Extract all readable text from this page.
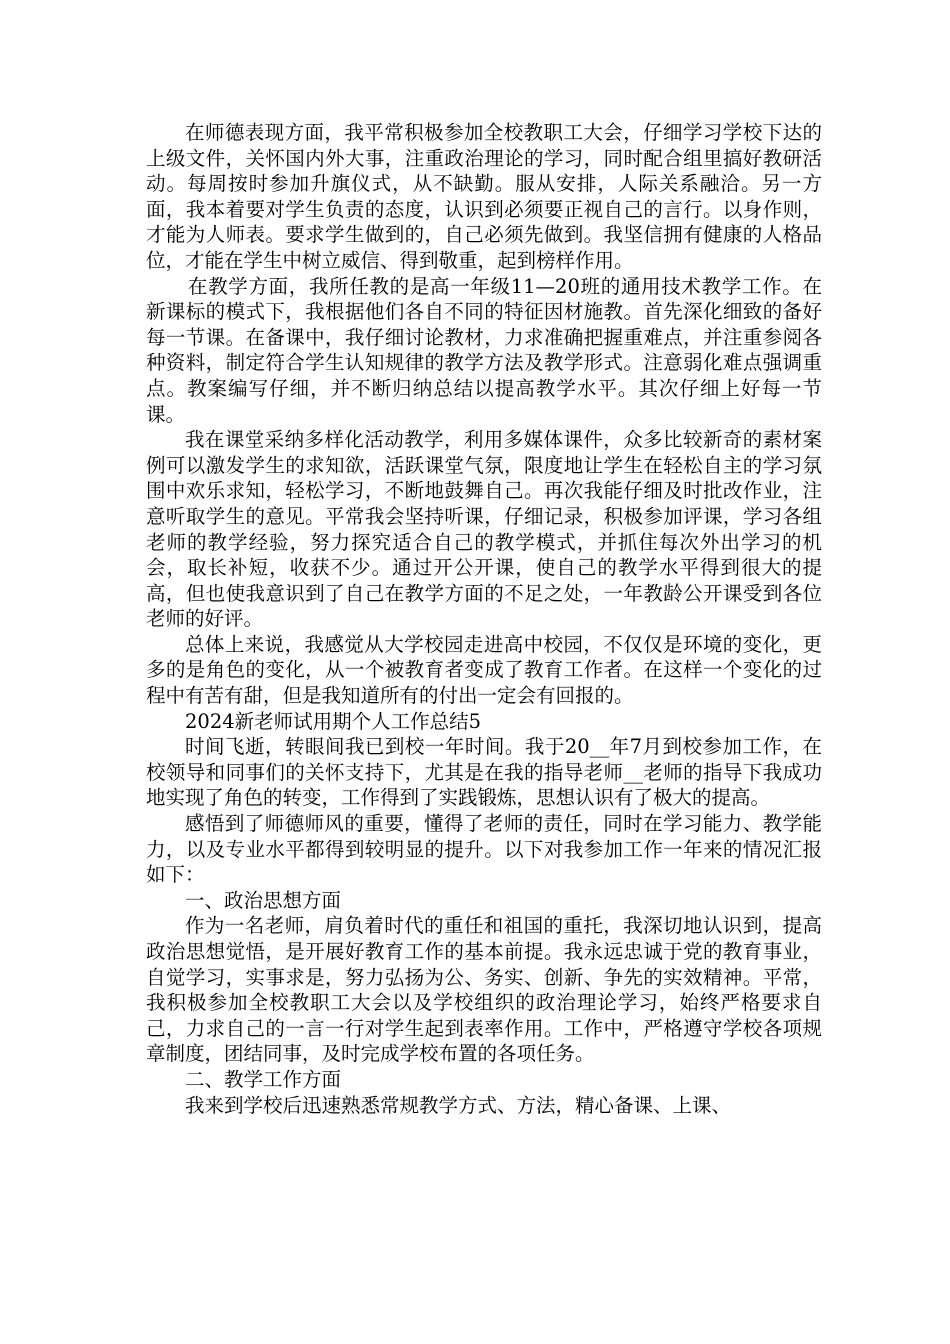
在师德表现方面，我平常积极参加全校教职工大会，仔细学习学校下达的上级文件，关怀国内外大事，注重政治理论的学习，同时配合组里搞好教研活动。每周按时参加升旗仪式，从不缺勤。服从安排，人际关系融洽。另一方面，我本着要对学生负责的态度，认识到必须要正视自己的言行。以身作则，才能为人师表。要求学生做到的，自己必须先做到。我坚信拥有健康的人格品位，才能在学生中树立威信、得到敬重，起到榜样作用。

在教学方面，我所任教的是高一年级11—20班的通用技术教学工作。在新课标的模式下，我根据他们各自不同的特征因材施教。首先深化细致的备好每一节课。在备课中，我仔细讨论教材，力求准确把握重难点，并注重参阅各种资料，制定符合学生认知规律的教学方法及教学形式。注意弱化难点强调重点。教案编写仔细，并不断归纳总结以提高教学水平。其次仔细上好每一节课。

我在课堂采纳多样化活动教学，利用多媒体课件，众多比较新奇的素材案例可以激发学生的求知欲，活跃课堂气氛，限度地让学生在轻松自主的学习氛围中欢乐求知，轻松学习，不断地鼓舞自己。再次我能仔细及时批改作业，注意听取学生的意见。平常我会坚持听课，仔细记录，积极参加评课，学习各组老师的教学经验，努力探究适合自己的教学模式，并抓住每次外出学习的机会，取长补短，收获不少。通过开公开课，使自己的教学水平得到很大的提高，但也使我意识到了自己在教学方面的不足之处，一年教龄公开课受到各位老师的好评。

总体上来说，我感觉从大学校园走进高中校园，不仅仅是环境的变化，更多的是角色的变化，从一个被教育者变成了教育工作者。在这样一个变化的过程中有苦有甜，但是我知道所有的付出一定会有回报的。

2024新老师试用期个人工作总结5

时间飞逝，转眼间我已到校一年时间。我于20__年7月到校参加工作，在校领导和同事们的关怀支持下，尤其是在我的指导老师__老师的指导下我成功地实现了角色的转变，工作得到了实践锻炼，思想认识有了极大的提高。

感悟到了师德师风的重要，懂得了老师的责任，同时在学习能力、教学能力，以及专业水平都得到较明显的提升。以下对我参加工作一年来的情况汇报如下：

一、政治思想方面

作为一名老师，肩负着时代的重任和祖国的重托，我深切地认识到，提高政治思想觉悟，是开展好教育工作的基本前提。我永远忠诚于党的教育事业，自觉学习，实事求是，努力弘扬为公、务实、创新、争先的实效精神。平常，我积极参加全校教职工大会以及学校组织的政治理论学习，始终严格要求自己，力求自己的一言一行对学生起到表率作用。工作中，严格遵守学校各项规章制度，团结同事，及时完成学校布置的各项任务。

二、教学工作方面

我来到学校后迅速熟悉常规教学方式、方法，精心备课、上课、
